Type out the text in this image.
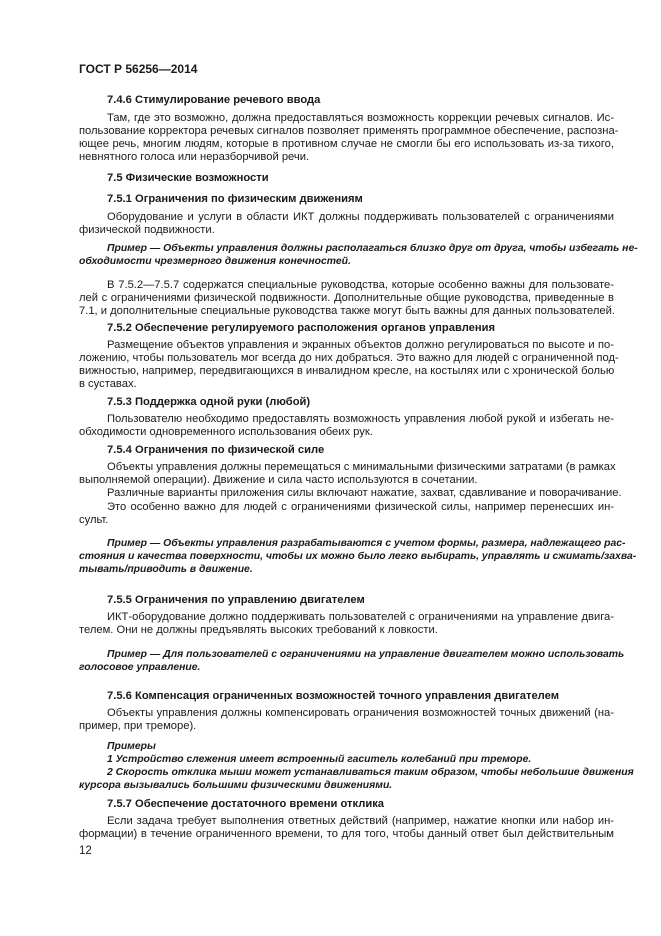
ГОСТ Р 56256—2014
7.4.6 Стимулирование речевого ввода
Там, где это возможно, должна предоставляться возможность коррекции речевых сигналов. Ис-
пользование корректора речевых сигналов позволяет применять программное обеспечение, распозна-
ющее речь, многим людям, которые в противном случае не смогли бы его использовать из-за тихого,
невнятного голоса или неразборчивой речи.
7.5 Физические возможности
7.5.1 Ограничения по физическим движениям
Оборудование и услуги в области ИКТ должны поддерживать пользователей с ограничениями
физической подвижности.
Пример — Объекты управления должны располагаться близко друг от друга, чтобы избегать не-
обходимости чрезмерного движения конечностей.
В 7.5.2—7.5.7 содержатся специальные руководства, которые особенно важны для пользовате-
лей с ограничениями физической подвижности. Дополнительные общие руководства, приведенные в
7.1, и дополнительные специальные руководства также могут быть важны для данных пользователей.
7.5.2 Обеспечение регулируемого расположения органов управления
Размещение объектов управления и экранных объектов должно регулироваться по высоте и по-
ложению, чтобы пользователь мог всегда до них добраться. Это важно для людей с ограниченной под-
вижностью, например, передвигающихся в инвалидном кресле, на костылях или с хронической болью
в суставах.
7.5.3 Поддержка одной руки (любой)
Пользователю необходимо предоставлять возможность управления любой рукой и избегать не-
обходимости одновременного использования обеих рук.
7.5.4 Ограничения по физической силе
Объекты управления должны перемещаться с минимальными физическими затратами (в рамках
выполняемой операции). Движение и сила часто используются в сочетании.
Различные варианты приложения силы включают нажатие, захват, сдавливание и поворачивание.
Это особенно важно для людей с ограничениями физической силы, например перенесших ин-
сульт.
Пример — Объекты управления разрабатываются с учетом формы, размера, надлежащего рас-
стояния и качества поверхности, чтобы их можно было легко выбирать, управлять и сжимать/захва-
тывать/приводить в движение.
7.5.5 Ограничения по управлению двигателем
ИКТ-оборудование должно поддерживать пользователей с ограничениями на управление двига-
телем. Они не должны предъявлять высоких требований к ловкости.
Пример — Для пользователей с ограничениями на управление двигателем можно использовать
голосовое управление.
7.5.6 Компенсация ограниченных возможностей точного управления двигателем
Объекты управления должны компенсировать ограничения возможностей точных движений (на-
пример, при треморе).
Примеры
1 Устройство слежения имеет встроенный гаситель колебаний при треморе.
2 Скорость отклика мыши может устанавливаться таким образом, чтобы небольшие движения
курсора вызывались большими физическими движениями.
7.5.7 Обеспечение достаточного времени отклика
Если задача требует выполнения ответных действий (например, нажатие кнопки или набор ин-
формации) в течение ограниченного времени, то для того, чтобы данный ответ был действительным
12
